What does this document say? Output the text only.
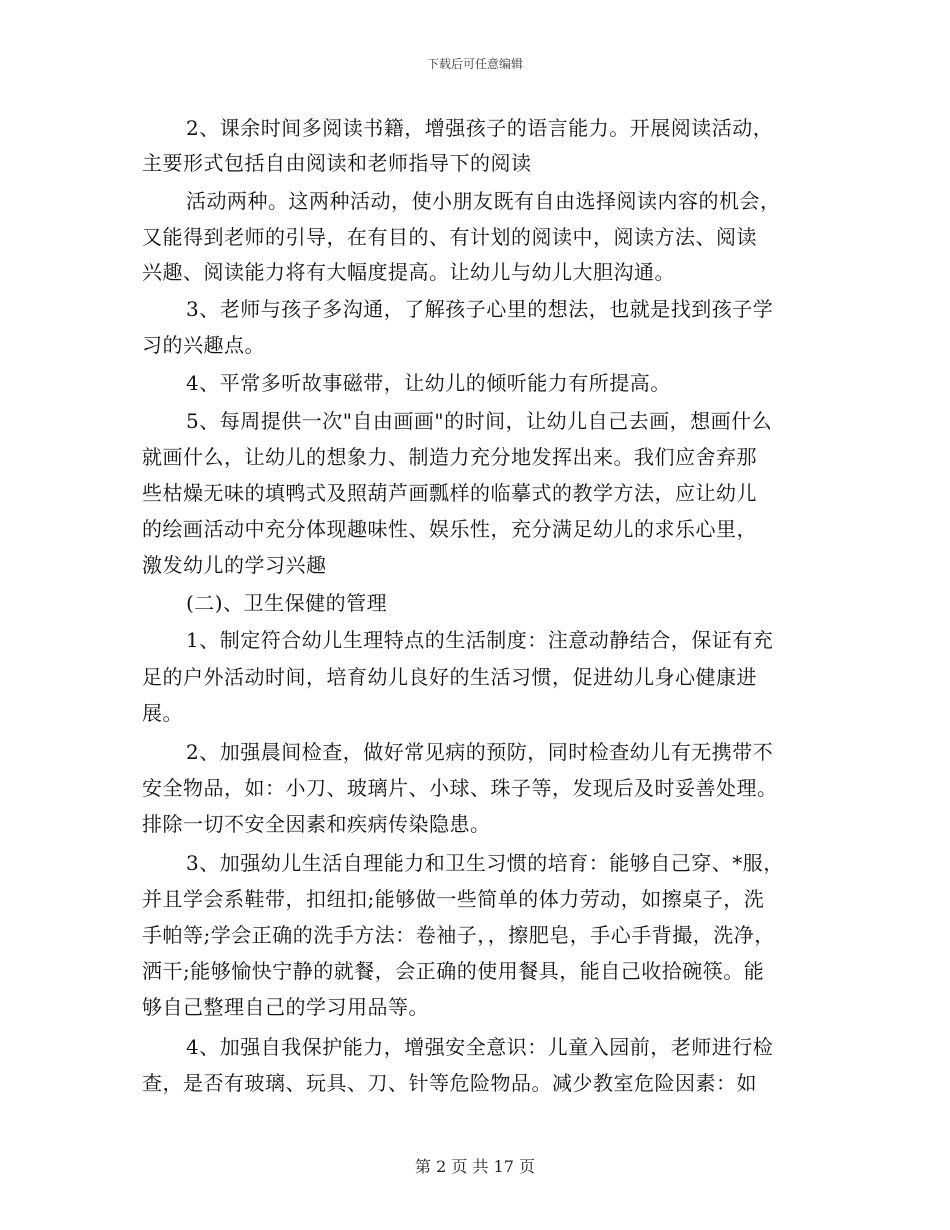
下载后可任意编辑
2、课余时间多阅读书籍，增强孩子的语言能力。开展阅读活动，
主要形式包括自由阅读和老师指导下的阅读
活动两种。这两种活动，使小朋友既有自由选择阅读内容的机会，
又能得到老师的引导，在有目的、有计划的阅读中，阅读方法、阅读
兴趣、阅读能力将有大幅度提高。让幼儿与幼儿大胆沟通。
3、老师与孩子多沟通，了解孩子心里的想法，也就是找到孩子学
习的兴趣点。
4、平常多听故事磁带，让幼儿的倾听能力有所提高。
5、每周提供一次"自由画画"的时间，让幼儿自己去画，想画什么
就画什么，让幼儿的想象力、制造力充分地发挥出来。我们应舍弃那
些枯燥无味的填鸭式及照葫芦画瓢样的临摹式的教学方法，应让幼儿
的绘画活动中充分体现趣味性、娱乐性，充分满足幼儿的求乐心里，
激发幼儿的学习兴趣
(二)、卫生保健的管理
1、制定符合幼儿生理特点的生活制度：注意动静结合，保证有充
足的户外活动时间，培育幼儿良好的生活习惯，促进幼儿身心健康进
展。
2、加强晨间检查，做好常见病的预防，同时检查幼儿有无携带不
安全物品，如：小刀、玻璃片、小球、珠子等，发现后及时妥善处理。
排除一切不安全因素和疾病传染隐患。
3、加强幼儿生活自理能力和卫生习惯的培育：能够自己穿、*服，
并且学会系鞋带，扣纽扣;能够做一些简单的体力劳动，如擦桌子，洗
手帕等;学会正确的洗手方法：卷袖子，，擦肥皂，手心手背撮，洗净，
洒干;能够愉快宁静的就餐，会正确的使用餐具，能自己收拾碗筷。能
够自己整理自己的学习用品等。
4、加强自我保护能力，增强安全意识：儿童入园前，老师进行检
查，是否有玻璃、玩具、刀、针等危险物品。减少教室危险因素：如
第 2 页 共 17 页
